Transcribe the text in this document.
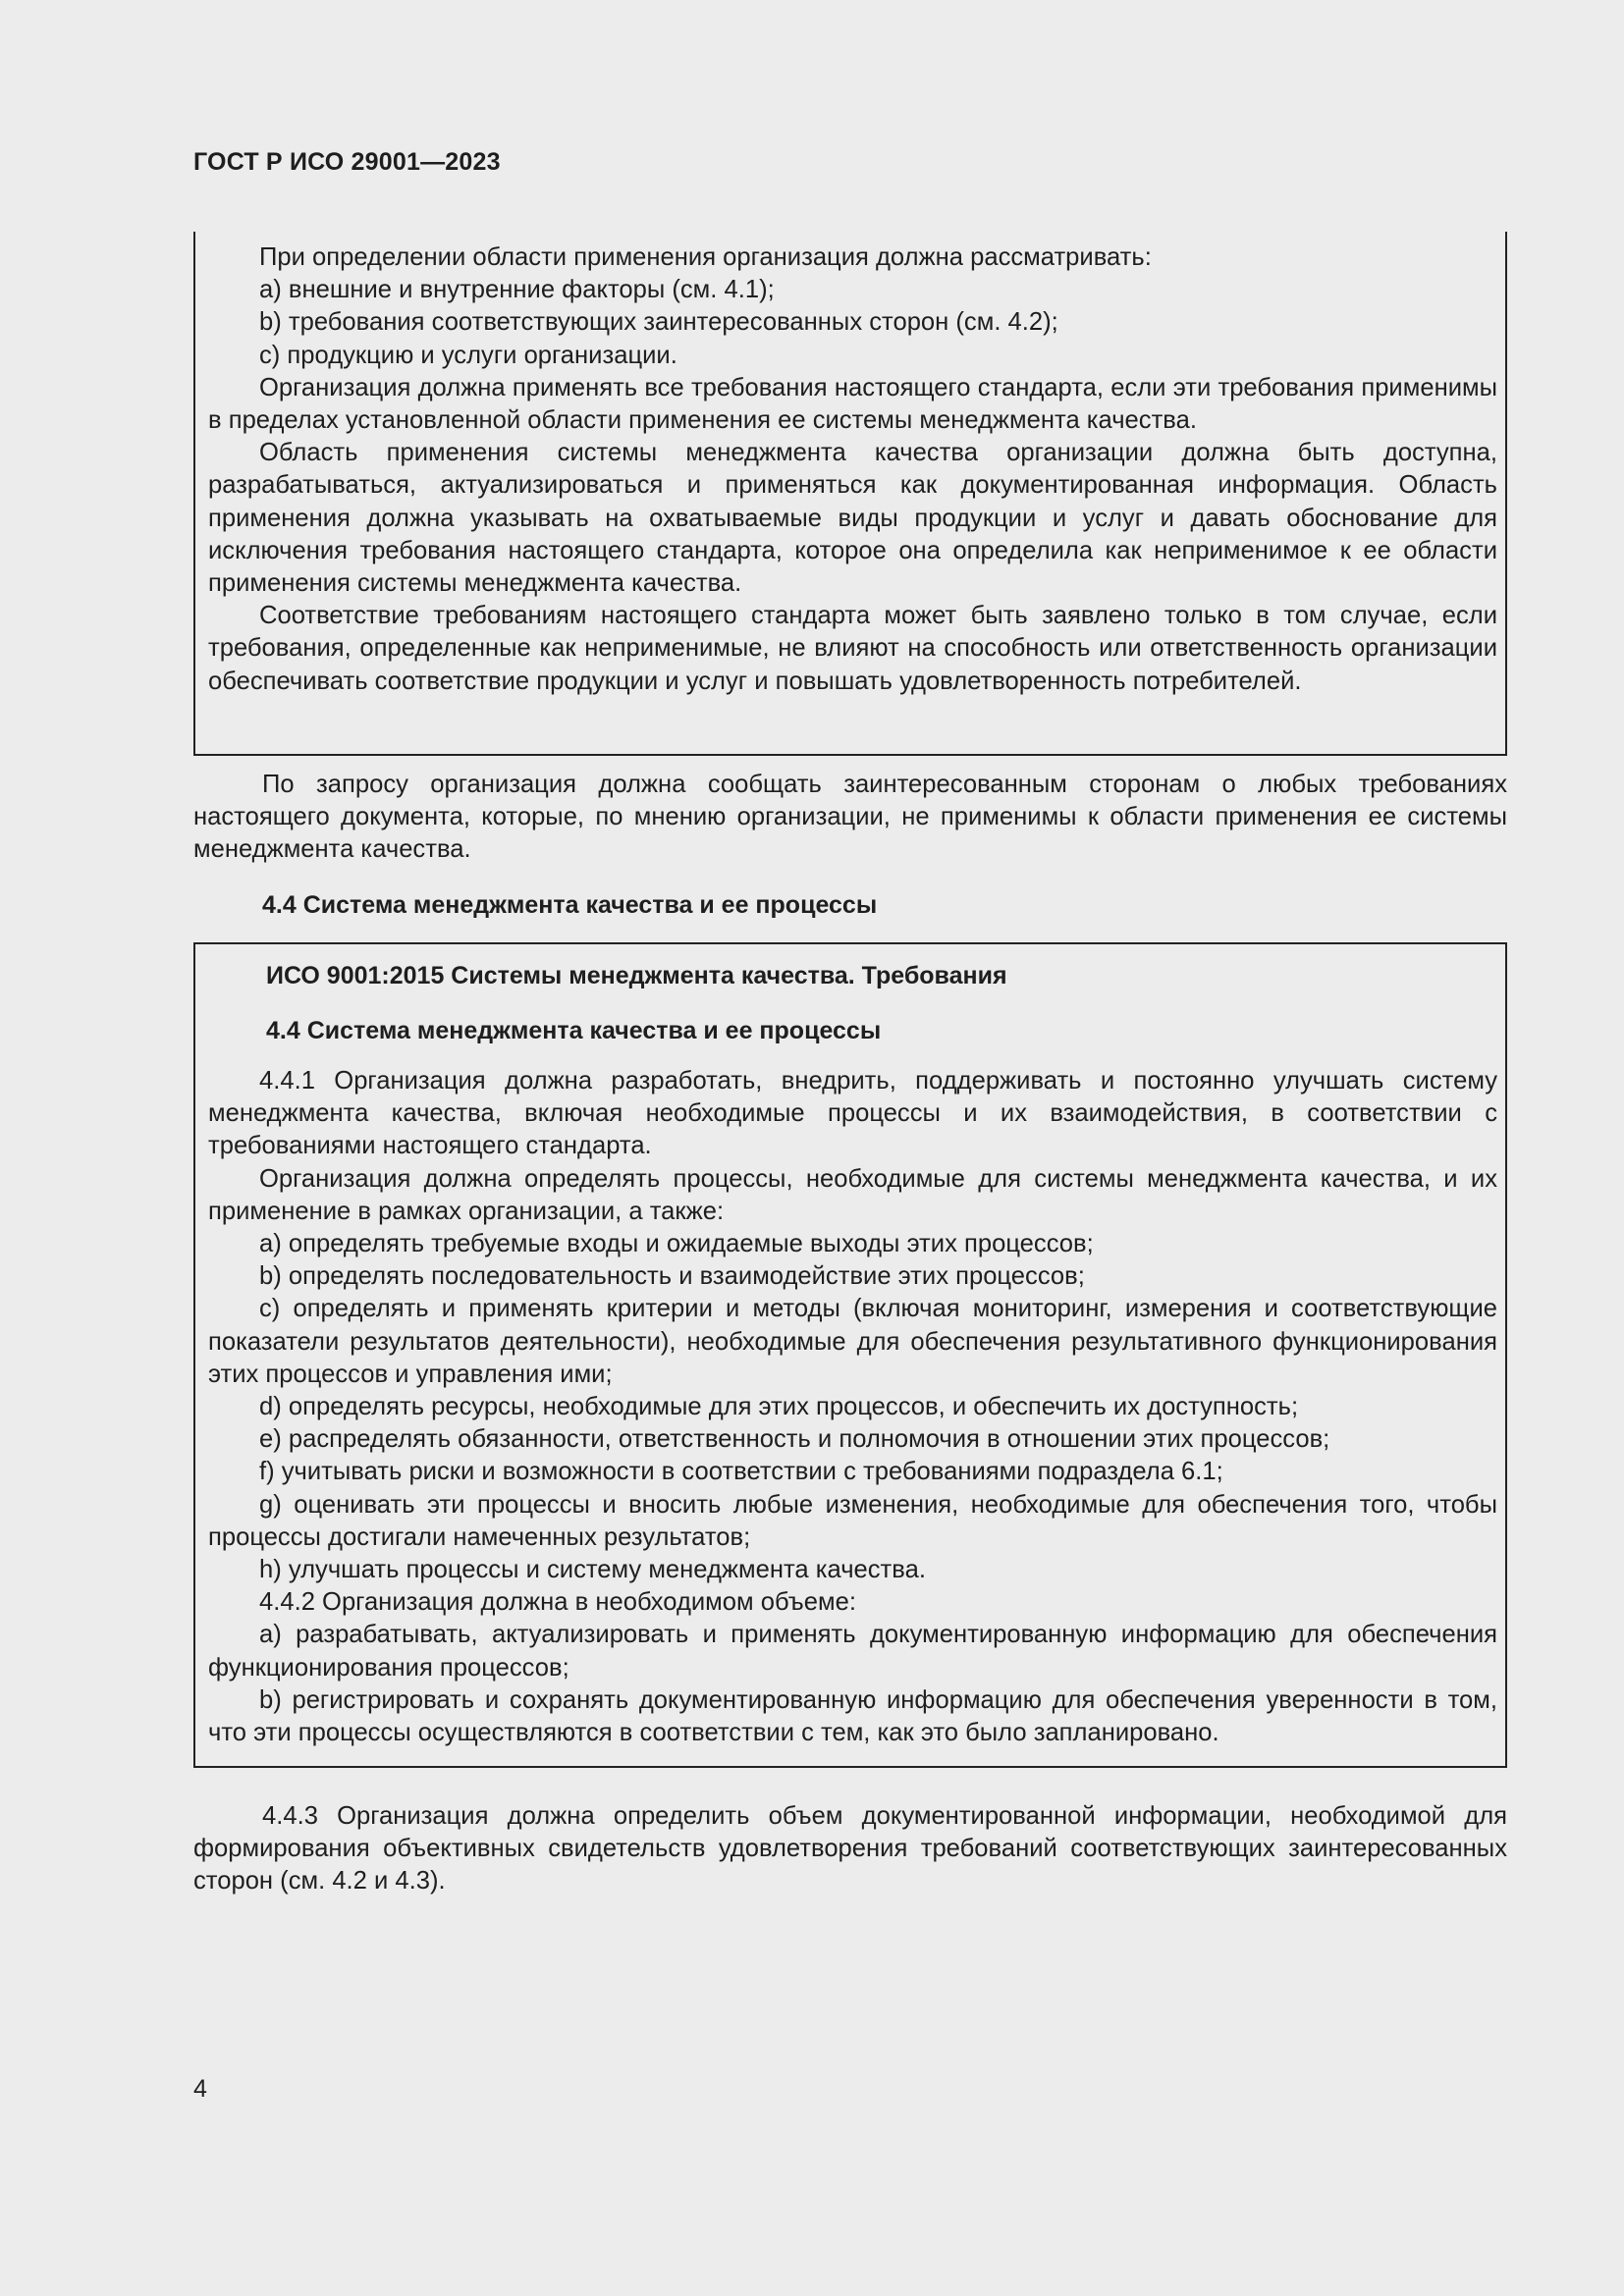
ГОСТ Р ИСО 29001—2023

При определении области применения организация должна рассматривать:

a) внешние и внутренние факторы (см. 4.1);

b) требования соответствующих заинтересованных сторон (см. 4.2);

c) продукцию и услуги организации.

Организация должна применять все требования настоящего стандарта, если эти требования применимы в пределах установленной области применения ее системы менеджмента качества.

Область применения системы менеджмента качества организации должна быть доступна, разрабатываться, актуализироваться и применяться как документированная информация. Область применения должна указывать на охватываемые виды продукции и услуг и давать обоснование для исключения требования настоящего стандарта, которое она определила как неприменимое к ее области применения системы менеджмента качества.

Соответствие требованиям настоящего стандарта может быть заявлено только в том случае, если требования, определенные как неприменимые, не влияют на способность или ответственность организации обеспечивать соответствие продукции и услуг и повышать удовлетворенность потребителей.

По запросу организация должна сообщать заинтересованным сторонам о любых требованиях настоящего документа, которые, по мнению организации, не применимы к области применения ее системы менеджмента качества.

4.4 Система менеджмента качества и ее процессы
ИСО 9001:2015 Системы менеджмента качества. Требования
4.4 Система менеджмента качества и ее процессы

4.4.1 Организация должна разработать, внедрить, поддерживать и постоянно улучшать систему менеджмента качества, включая необходимые процессы и их взаимодействия, в соответствии с требованиями настоящего стандарта.

Организация должна определять процессы, необходимые для системы менеджмента качества, и их применение в рамках организации, а также:

a) определять требуемые входы и ожидаемые выходы этих процессов;

b) определять последовательность и взаимодействие этих процессов;

c) определять и применять критерии и методы (включая мониторинг, измерения и соответствующие показатели результатов деятельности), необходимые для обеспечения результативного функционирования этих процессов и управления ими;

d) определять ресурсы, необходимые для этих процессов, и обеспечить их доступность;

e) распределять обязанности, ответственность и полномочия в отношении этих процессов;

f) учитывать риски и возможности в соответствии с требованиями подраздела 6.1;

g) оценивать эти процессы и вносить любые изменения, необходимые для обеспечения того, чтобы процессы достигали намеченных результатов;

h) улучшать процессы и систему менеджмента качества.

4.4.2 Организация должна в необходимом объеме:

a) разрабатывать, актуализировать и применять документированную информацию для обеспечения функционирования процессов;

b) регистрировать и сохранять документированную информацию для обеспечения уверенности в том, что эти процессы осуществляются в соответствии с тем, как это было запланировано.

4.4.3 Организация должна определить объем документированной информации, необходимой для формирования объективных свидетельств удовлетворения требований соответствующих заинтересованных сторон (см. 4.2 и 4.3).

4
